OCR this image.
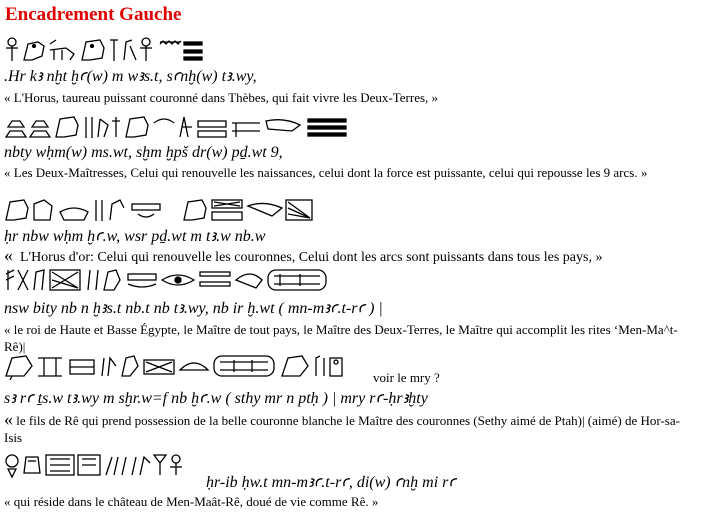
Encadrement Gauche
.Hr kꜣ nḫt ḫꜥ(w) m wꜣs.t, sꜥnḫ(w) tꜣ.wy,
« L'Horus, taureau puissant couronné dans Thèbes, qui fait vivre les Deux-Terres, »
nbty wḥm(w) ms.wt, sḫm ḫpš dr(w) pḏ.wt 9,
« Les Deux-Maîtresses, Celui qui renouvelle les naissances, celui dont la force est puissante, celui qui repousse les 9 arcs. »
ḥr nbw wḥm ḫꜥ.w, wsr pḏ.wt m tꜣ.w nb.w
« L'Horus d'or: Celui qui renouvelle les couronnes, Celui dont les arcs sont puissants dans tous les pays, »
nsw bity nb n ḫꜣs.t nb.t nb tꜣ.wy, nb ir ḫ.wt ( mn-mꜣꜥ.t-rꜥ ) |
« le roi de Haute et Basse Égypte, le Maître de tout pays, le Maître des Deux-Terres, le Maître qui accomplit les rites ‘Men-Ma^t-Rê)|
voir le mry ?
sꜣ rꜥ ṯs.w tꜣ.wy m sḫr.w=f nb ḫꜥ.w ( sthy mr n ptḥ ) | mry rꜥ-ḥrꜣḫty
« le fils de Rê qui prend possession de la belle couronne blanche le Maître des couronnes (Sethy aimé de Ptah)| (aimé) de Hor-sa-Isis
ḥr-ib ḥw.t mn-mꜣꜥ.t-rꜥ, di(w) ꜥnḫ mi rꜥ
« qui réside dans le château de Men-Maât-Rê, doué de vie comme Rê. »
